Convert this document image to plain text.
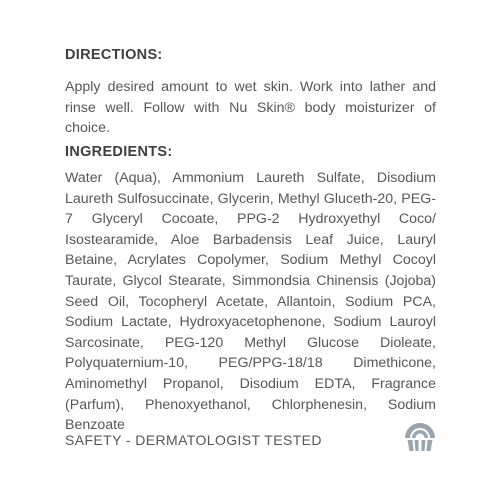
DIRECTIONS:

Apply desired amount to wet skin. Work into lather and rinse well. Follow with Nu Skin® body moisturizer of choice.

INGREDIENTS:

Water (Aqua), Ammonium Laureth Sulfate, Disodium Laureth Sulfosuccinate, Glycerin, Methyl Gluceth-20, PEG-7 Glyceryl Cocoate, PPG-2 Hydroxyethyl Coco/ Isostearamide, Aloe Barbadensis Leaf Juice, Lauryl Betaine, Acrylates Copolymer, Sodium Methyl Cocoyl Taurate, Glycol Stearate, Simmondsia Chinensis (Jojoba) Seed Oil, Tocopheryl Acetate, Allantoin, Sodium PCA, Sodium Lactate, Hydroxyacetophenone, Sodium Lauroyl Sarcosinate, PEG-120 Methyl Glucose Dioleate, Polyquaternium-10, PEG/PPG-18/18 Dimethicone, Aminomethyl Propanol, Disodium EDTA, Fragrance (Parfum), Phenoxyethanol, Chlorphenesin, Sodium Benzoate

SAFETY - DERMATOLOGIST TESTED
